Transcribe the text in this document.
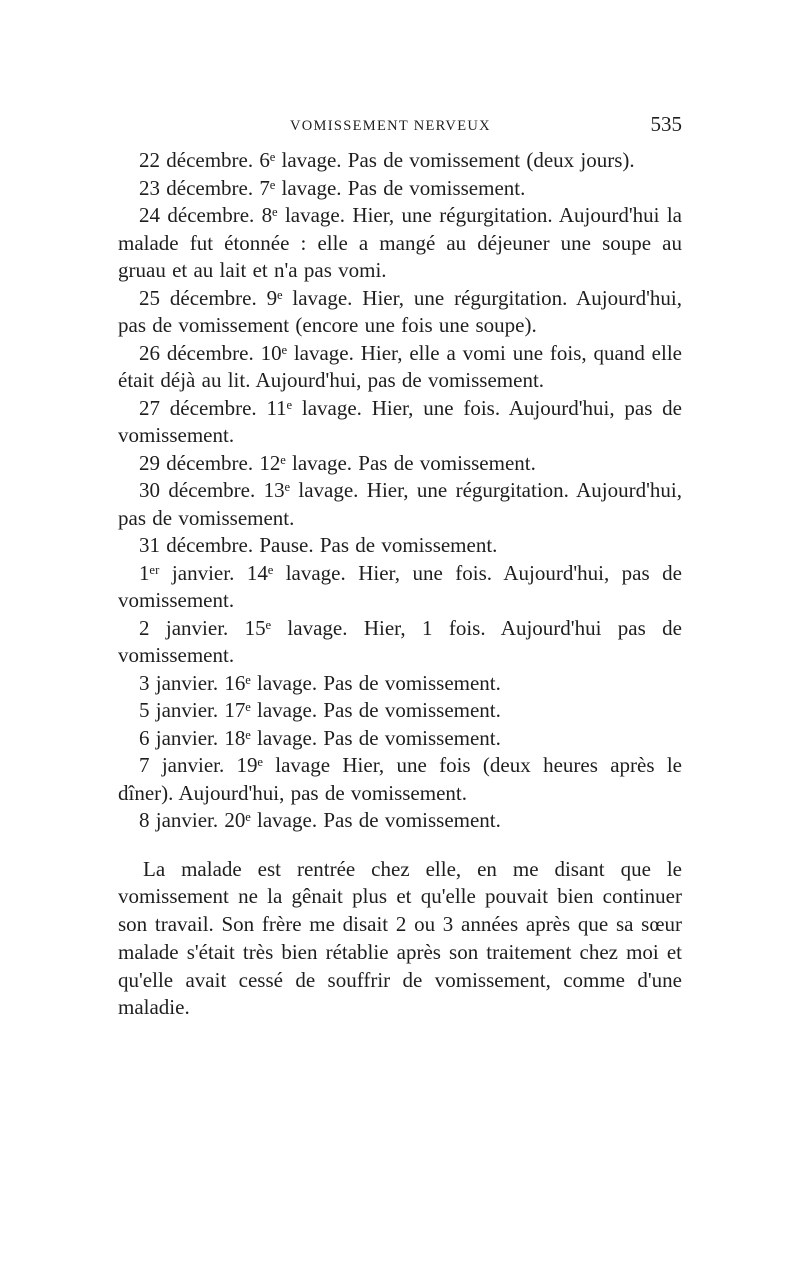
VOMISSEMENT NERVEUX	535

22 décembre. 6ᵉ lavage. Pas de vomissement (deux jours).

23 décembre. 7ᵉ lavage. Pas de vomissement.

24 décembre. 8ᵉ lavage. Hier, une régurgitation. Aujourd'hui la malade fut étonnée : elle a mangé au déjeuner une soupe au gruau et au lait et n'a pas vomi.

25 décembre. 9ᵉ lavage. Hier, une régurgitation. Aujourd'hui, pas de vomissement (encore une fois une soupe).

26 décembre. 10ᵉ lavage. Hier, elle a vomi une fois, quand elle était déjà au lit. Aujourd'hui, pas de vomissement.

27 décembre. 11ᵉ lavage. Hier, une fois. Aujourd'hui, pas de vomissement.

29 décembre. 12ᵉ lavage. Pas de vomissement.

30 décembre. 13ᵉ lavage. Hier, une régurgitation. Aujourd'hui, pas de vomissement.

31 décembre. Pause. Pas de vomissement.

1ᵉʳ janvier. 14ᵉ lavage. Hier, une fois. Aujourd'hui, pas de vomissement.

2 janvier. 15ᵉ lavage. Hier, 1 fois. Aujourd'hui pas de vomissement.

3 janvier. 16ᵉ lavage. Pas de vomissement.

5 janvier. 17ᵉ lavage. Pas de vomissement.

6 janvier. 18ᵉ lavage. Pas de vomissement.

7 janvier. 19ᵉ lavage Hier, une fois (deux heures après le dîner). Aujourd'hui, pas de vomissement.

8 janvier. 20ᵉ lavage. Pas de vomissement.

La malade est rentrée chez elle, en me disant que le vomissement ne la gênait plus et qu'elle pouvait bien continuer son travail. Son frère me disait 2 ou 3 années après que sa sœur malade s'était très bien rétablie après son traitement chez moi et qu'elle avait cessé de souffrir de vomissement, comme d'une maladie.
